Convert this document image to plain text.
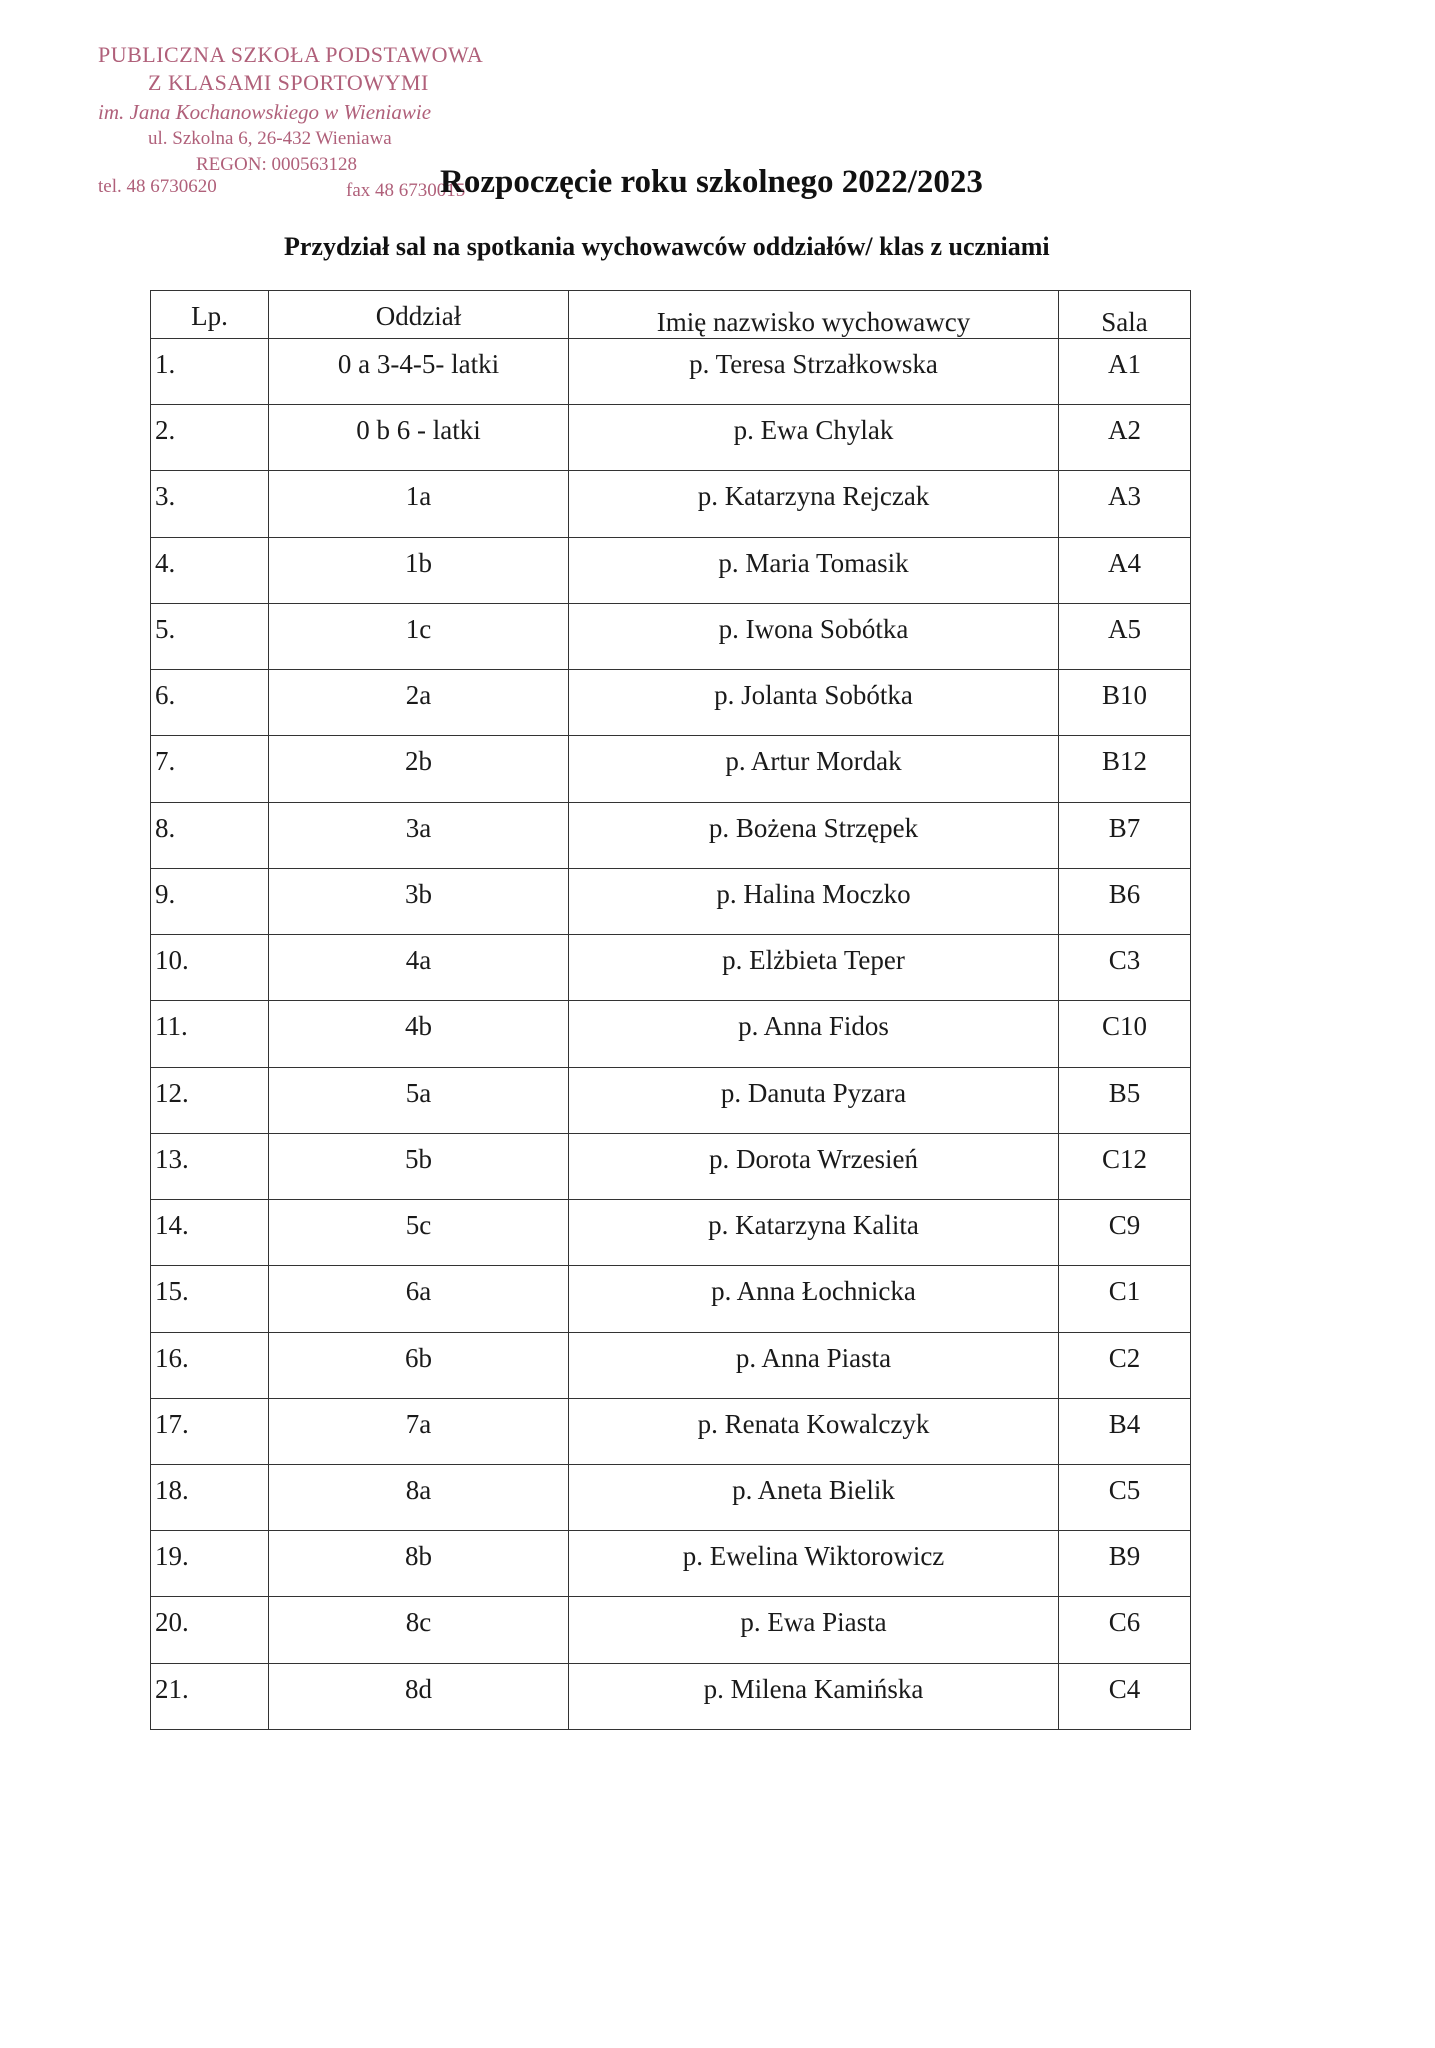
PUBLICZNA SZKOŁA PODSTAWOWA
Z KLASAMI SPORTOWYMI
im. Jana Kochanowskiego w Wieniawie
ul. Szkolna 6, 26-432 Wieniawa
REGON: 000563128
tel. 48 6730620	fax 48 6730015
Rozpoczęcie roku szkolnego 2022/2023
Przydział sal na spotkania wychowawców oddziałów/ klas z uczniami
Lp.	Oddział	Imię nazwisko wychowawcy	Sala
1.	0 a 3-4-5- latki	p. Teresa Strzałkowska	A1
2.	0 b 6 - latki	p. Ewa Chylak	A2
3.	1a	p. Katarzyna Rejczak	A3
4.	1b	p. Maria Tomasik	A4
5.	1c	p. Iwona Sobótka	A5
6.	2a	p. Jolanta Sobótka	B10
7.	2b	p. Artur Mordak	B12
8.	3a	p. Bożena Strzępek	B7
9.	3b	p. Halina Moczko	B6
10.	4a	p. Elżbieta Teper	C3
11.	4b	p. Anna Fidos	C10
12.	5a	p. Danuta Pyzara	B5
13.	5b	p. Dorota Wrzesień	C12
14.	5c	p. Katarzyna Kalita	C9
15.	6a	p. Anna Łochnicka	C1
16.	6b	p. Anna Piasta	C2
17.	7a	p. Renata Kowalczyk	B4
18.	8a	p. Aneta Bielik	C5
19.	8b	p. Ewelina Wiktorowicz	B9
20.	8c	p. Ewa Piasta	C6
21.	8d	p. Milena Kamińska	C4
